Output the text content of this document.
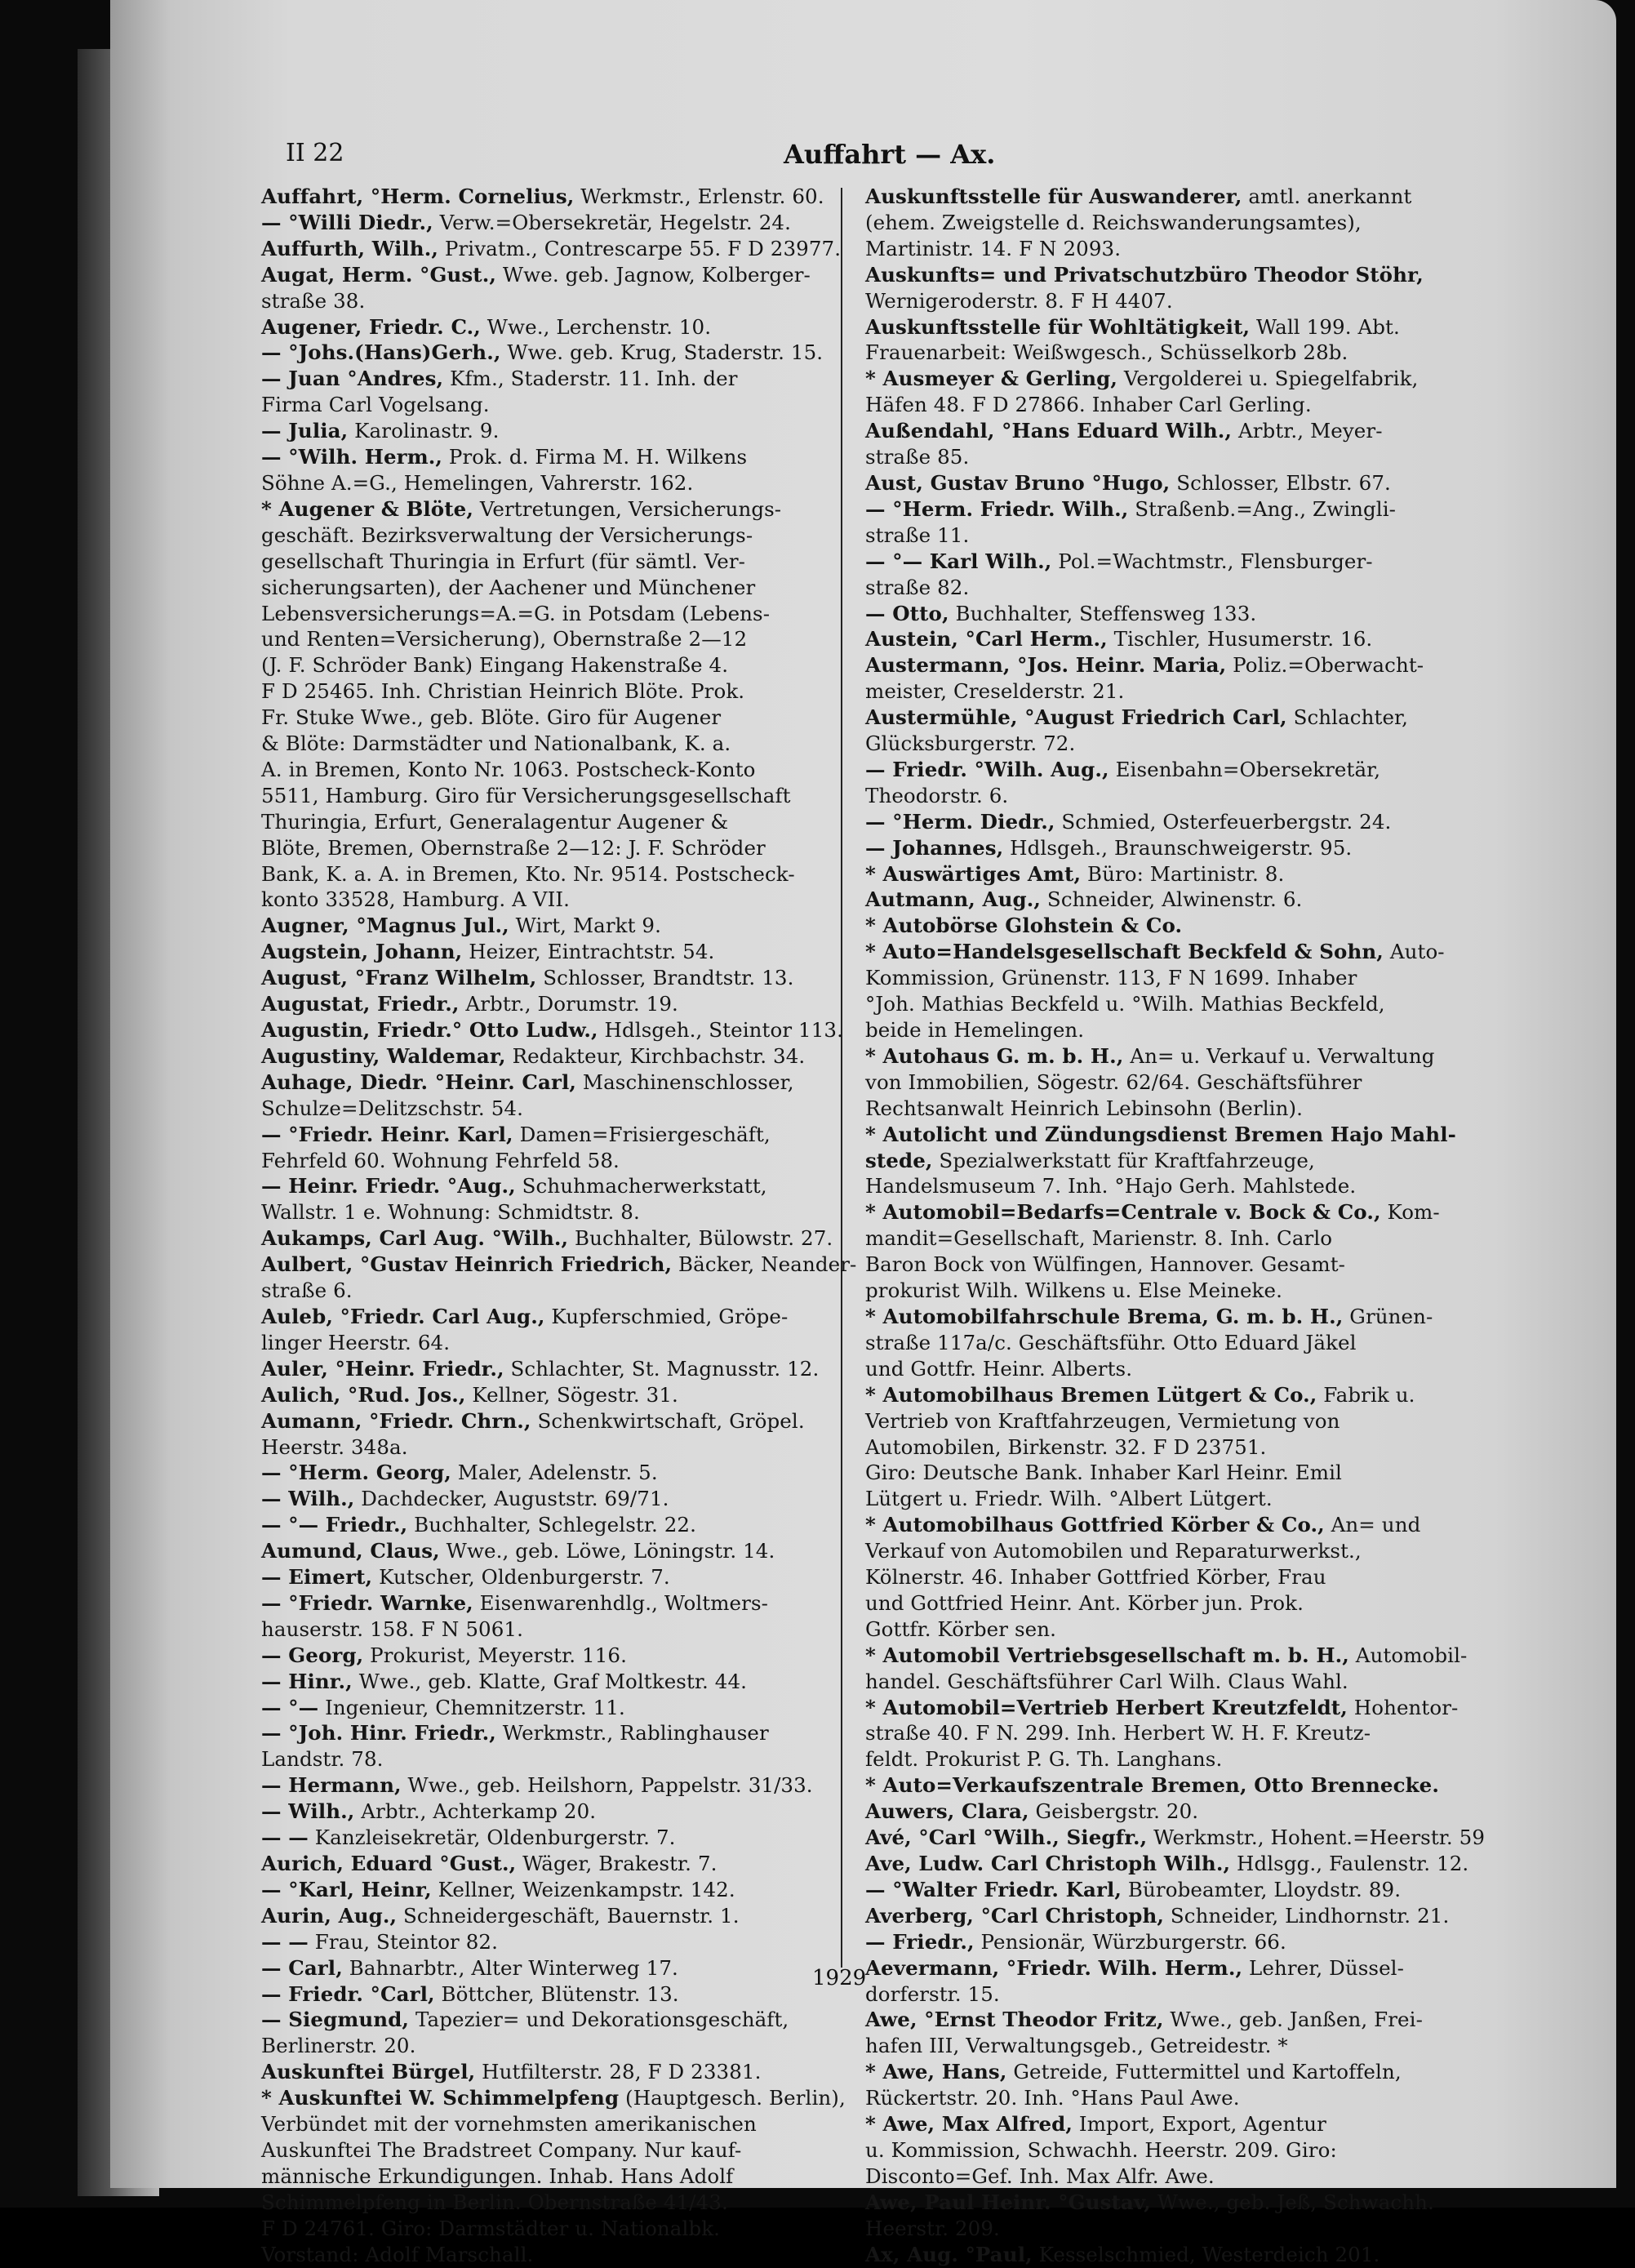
II 22	Auffahrt — Ax.

Auffahrt, °Herm. Cornelius, Werkmstr., Erlenstr. 60.

— °Willi Diedr., Verw.=Obersekretär, Hegelstr. 24.

Auffurth, Wilh., Privatm., Contrescarpe 55. F D 23977.

Augat, Herm. °Gust., Wwe. geb. Jagnow, Kolberger-

straße 38.

Augener, Friedr. C., Wwe., Lerchenstr. 10.

— °Johs.(Hans)Gerh., Wwe. geb. Krug, Staderstr. 15.

— Juan °Andres, Kfm., Staderstr. 11. Inh. der

Firma Carl Vogelsang.

— Julia, Karolinastr. 9.

— °Wilh. Herm., Prok. d. Firma M. H. Wilkens

Söhne A.=G., Hemelingen, Vahrerstr. 162.

* Augener & Blöte, Vertretungen, Versicherungs-

geschäft. Bezirksverwaltung der Versicherungs-

gesellschaft Thuringia in Erfurt (für sämtl. Ver-

sicherungsarten), der Aachener und Münchener

Lebensversicherungs=A.=G. in Potsdam (Lebens-

und Renten=Versicherung), Obernstraße 2—12

(J. F. Schröder Bank) Eingang Hakenstraße 4.

F D 25465. Inh. Christian Heinrich Blöte. Prok.

Fr. Stuke Wwe., geb. Blöte. Giro für Augener

& Blöte: Darmstädter und Nationalbank, K. a.

A. in Bremen, Konto Nr. 1063. Postscheck-Konto

5511, Hamburg. Giro für Versicherungsgesellschaft

Thuringia, Erfurt, Generalagentur Augener &

Blöte, Bremen, Obernstraße 2—12: J. F. Schröder

Bank, K. a. A. in Bremen, Kto. Nr. 9514. Postscheck-

konto 33528, Hamburg. A VII.

Augner, °Magnus Jul., Wirt, Markt 9.

Augstein, Johann, Heizer, Eintrachtstr. 54.

August, °Franz Wilhelm, Schlosser, Brandtstr. 13.

Augustat, Friedr., Arbtr., Dorumstr. 19.

Augustin, Friedr.° Otto Ludw., Hdlsgeh., Steintor 113.

Augustiny, Waldemar, Redakteur, Kirchbachstr. 34.

Auhage, Diedr. °Heinr. Carl, Maschinenschlosser,

Schulze=Delitzschstr. 54.

— °Friedr. Heinr. Karl, Damen=Frisiergeschäft,

Fehrfeld 60. Wohnung Fehrfeld 58.

— Heinr. Friedr. °Aug., Schuhmacherwerkstatt,

Wallstr. 1 e. Wohnung: Schmidtstr. 8.

Aukamps, Carl Aug. °Wilh., Buchhalter, Bülowstr. 27.

Aulbert, °Gustav Heinrich Friedrich, Bäcker, Neander-

straße 6.

Auleb, °Friedr. Carl Aug., Kupferschmied, Gröpe-

linger Heerstr. 64.

Auler, °Heinr. Friedr., Schlachter, St. Magnusstr. 12.

Aulich, °Rud. Jos., Kellner, Sögestr. 31.

Aumann, °Friedr. Chrn., Schenkwirtschaft, Gröpel.

Heerstr. 348a.

— °Herm. Georg, Maler, Adelenstr. 5.

— Wilh., Dachdecker, Auguststr. 69/71.

— °— Friedr., Buchhalter, Schlegelstr. 22.

Aumund, Claus, Wwe., geb. Löwe, Löningstr. 14.

— Eimert, Kutscher, Oldenburgerstr. 7.

— °Friedr. Warnke, Eisenwarenhdlg., Woltmers-

hauserstr. 158. F N 5061.

— Georg, Prokurist, Meyerstr. 116.

— Hinr., Wwe., geb. Klatte, Graf Moltkestr. 44.

— °— Ingenieur, Chemnitzerstr. 11.

— °Joh. Hinr. Friedr., Werkmstr., Rablinghauser

Landstr. 78.

— Hermann, Wwe., geb. Heilshorn, Pappelstr. 31/33.

— Wilh., Arbtr., Achterkamp 20.

— — Kanzleisekretär, Oldenburgerstr. 7.

Aurich, Eduard °Gust., Wäger, Brakestr. 7.

— °Karl, Heinr, Kellner, Weizenkampstr. 142.

Aurin, Aug., Schneidergeschäft, Bauernstr. 1.

— — Frau, Steintor 82.

— Carl, Bahnarbtr., Alter Winterweg 17.

— Friedr. °Carl, Böttcher, Blütenstr. 13.

— Siegmund, Tapezier= und Dekorationsgeschäft,

Berlinerstr. 20.

Auskunftei Bürgel, Hutfilterstr. 28, F D 23381.

* Auskunftei W. Schimmelpfeng (Hauptgesch. Berlin),

Verbündet mit der vornehmsten amerikanischen

Auskunftei The Bradstreet Company. Nur kauf-

männische Erkundigungen. Inhab. Hans Adolf

Schimmelpfeng in Berlin. Obernstraße 41/43.

F D 24761. Giro: Darmstädter u. Nationalbk.

Vorstand: Adolf Marschall.

Auskunftsstelle für Auswanderer, amtl. anerkannt

(ehem. Zweigstelle d. Reichswanderungsamtes),

Martinistr. 14. F N 2093.

Auskunfts= und Privatschutzbüro Theodor Stöhr,

Wernigeroderstr. 8. F H 4407.

Auskunftsstelle für Wohltätigkeit, Wall 199. Abt.

Frauenarbeit: Weißwgesch., Schüsselkorb 28b.

* Ausmeyer & Gerling, Vergolderei u. Spiegelfabrik,

Häfen 48. F D 27866. Inhaber Carl Gerling.

Außendahl, °Hans Eduard Wilh., Arbtr., Meyer-

straße 85.

Aust, Gustav Bruno °Hugo, Schlosser, Elbstr. 67.

— °Herm. Friedr. Wilh., Straßenb.=Ang., Zwingli-

straße 11.

— °— Karl Wilh., Pol.=Wachtmstr., Flensburger-

straße 82.

— Otto, Buchhalter, Steffensweg 133.

Austein, °Carl Herm., Tischler, Husumerstr. 16.

Austermann, °Jos. Heinr. Maria, Poliz.=Oberwacht-

meister, Creselderstr. 21.

Austermühle, °August Friedrich Carl, Schlachter,

Glücksburgerstr. 72.

— Friedr. °Wilh. Aug., Eisenbahn=Obersekretär,

Theodorstr. 6.

— °Herm. Diedr., Schmied, Osterfeuerbergstr. 24.

— Johannes, Hdlsgeh., Braunschweigerstr. 95.

* Auswärtiges Amt, Büro: Martinistr. 8.

Autmann, Aug., Schneider, Alwinenstr. 6.

* Autobörse Glohstein & Co.

* Auto=Handelsgesellschaft Beckfeld & Sohn, Auto-

Kommission, Grünenstr. 113, F N 1699. Inhaber

°Joh. Mathias Beckfeld u. °Wilh. Mathias Beckfeld,

beide in Hemelingen.

* Autohaus G. m. b. H., An= u. Verkauf u. Verwaltung

von Immobilien, Sögestr. 62/64. Geschäftsführer

Rechtsanwalt Heinrich Lebinsohn (Berlin).

* Autolicht und Zündungsdienst Bremen Hajo Mahl-

stede, Spezialwerkstatt für Kraftfahrzeuge,

Handelsmuseum 7. Inh. °Hajo Gerh. Mahlstede.

* Automobil=Bedarfs=Centrale v. Bock & Co., Kom-

mandit=Gesellschaft, Marienstr. 8. Inh. Carlo

Baron Bock von Wülfingen, Hannover. Gesamt-

prokurist Wilh. Wilkens u. Else Meineke.

* Automobilfahrschule Brema, G. m. b. H., Grünen-

straße 117a/c. Geschäftsführ. Otto Eduard Jäkel

und Gottfr. Heinr. Alberts.

* Automobilhaus Bremen Lütgert & Co., Fabrik u.

Vertrieb von Kraftfahrzeugen, Vermietung von

Automobilen, Birkenstr. 32. F D 23751.

Giro: Deutsche Bank. Inhaber Karl Heinr. Emil

Lütgert u. Friedr. Wilh. °Albert Lütgert.

* Automobilhaus Gottfried Körber & Co., An= und

Verkauf von Automobilen und Reparaturwerkst.,

Kölnerstr. 46. Inhaber Gottfried Körber, Frau

und Gottfried Heinr. Ant. Körber jun. Prok.

Gottfr. Körber sen.

* Automobil Vertriebsgesellschaft m. b. H., Automobil-

handel. Geschäftsführer Carl Wilh. Claus Wahl.

* Automobil=Vertrieb Herbert Kreutzfeldt, Hohentor-

straße 40. F N. 299. Inh. Herbert W. H. F. Kreutz-

feldt. Prokurist P. G. Th. Langhans.

* Auto=Verkaufszentrale Bremen, Otto Brennecke.

Auwers, Clara, Geisbergstr. 20.

Avé, °Carl °Wilh., Siegfr., Werkmstr., Hohent.=Heerstr. 59

Ave, Ludw. Carl Christoph Wilh., Hdlsgg., Faulenstr. 12.

— °Walter Friedr. Karl, Bürobeamter, Lloydstr. 89.

Averberg, °Carl Christoph, Schneider, Lindhornstr. 21.

— Friedr., Pensionär, Würzburgerstr. 66.

Aevermann, °Friedr. Wilh. Herm., Lehrer, Düssel-

dorferstr. 15.

Awe, °Ernst Theodor Fritz, Wwe., geb. Janßen, Frei-

hafen III, Verwaltungsgeb., Getreidestr. *

* Awe, Hans, Getreide, Futtermittel und Kartoffeln,

Rückertstr. 20. Inh. °Hans Paul Awe.

* Awe, Max Alfred, Import, Export, Agentur

u. Kommission, Schwachh. Heerstr. 209. Giro:

Disconto=Gef. Inh. Max Alfr. Awe.

Awe, Paul Heinr. °Gustav, Wwe., geb. Jeß, Schwachh.

Heerstr. 209.

Ax, Aug. °Paul, Kesselschmied, Westerdeich 201.

1929
